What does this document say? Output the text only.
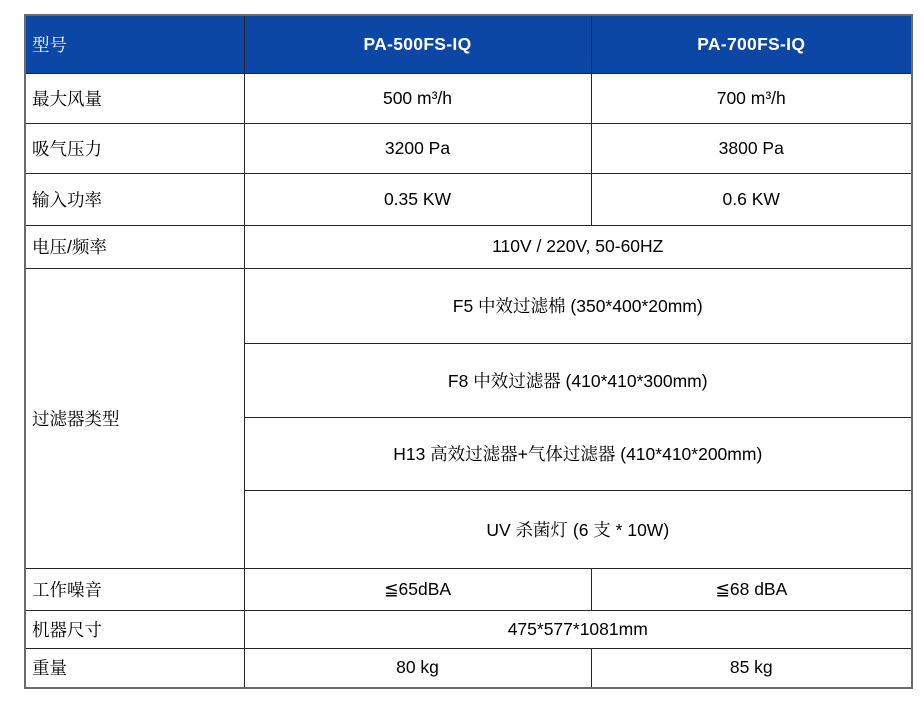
型号	PA-500FS-IQ	PA-700FS-IQ
最大风量	500 m³/h	700 m³/h
吸气压力	3200 Pa	3800 Pa
输入功率	0.35 KW	0.6 KW
电压/频率	110V / 220V, 50-60HZ	
过滤器类型	F5 中效过滤棉 (350*400*20mm)	
	F8 中效过滤器 (410*410*300mm)	
	H13 高效过滤器+气体过滤器 (410*410*200mm)	
	UV 杀菌灯 (6 支 * 10W)	
工作噪音	≦65dBA	≦68 dBA
机器尺寸	475*577*1081mm	
重量	80 kg	85 kg
